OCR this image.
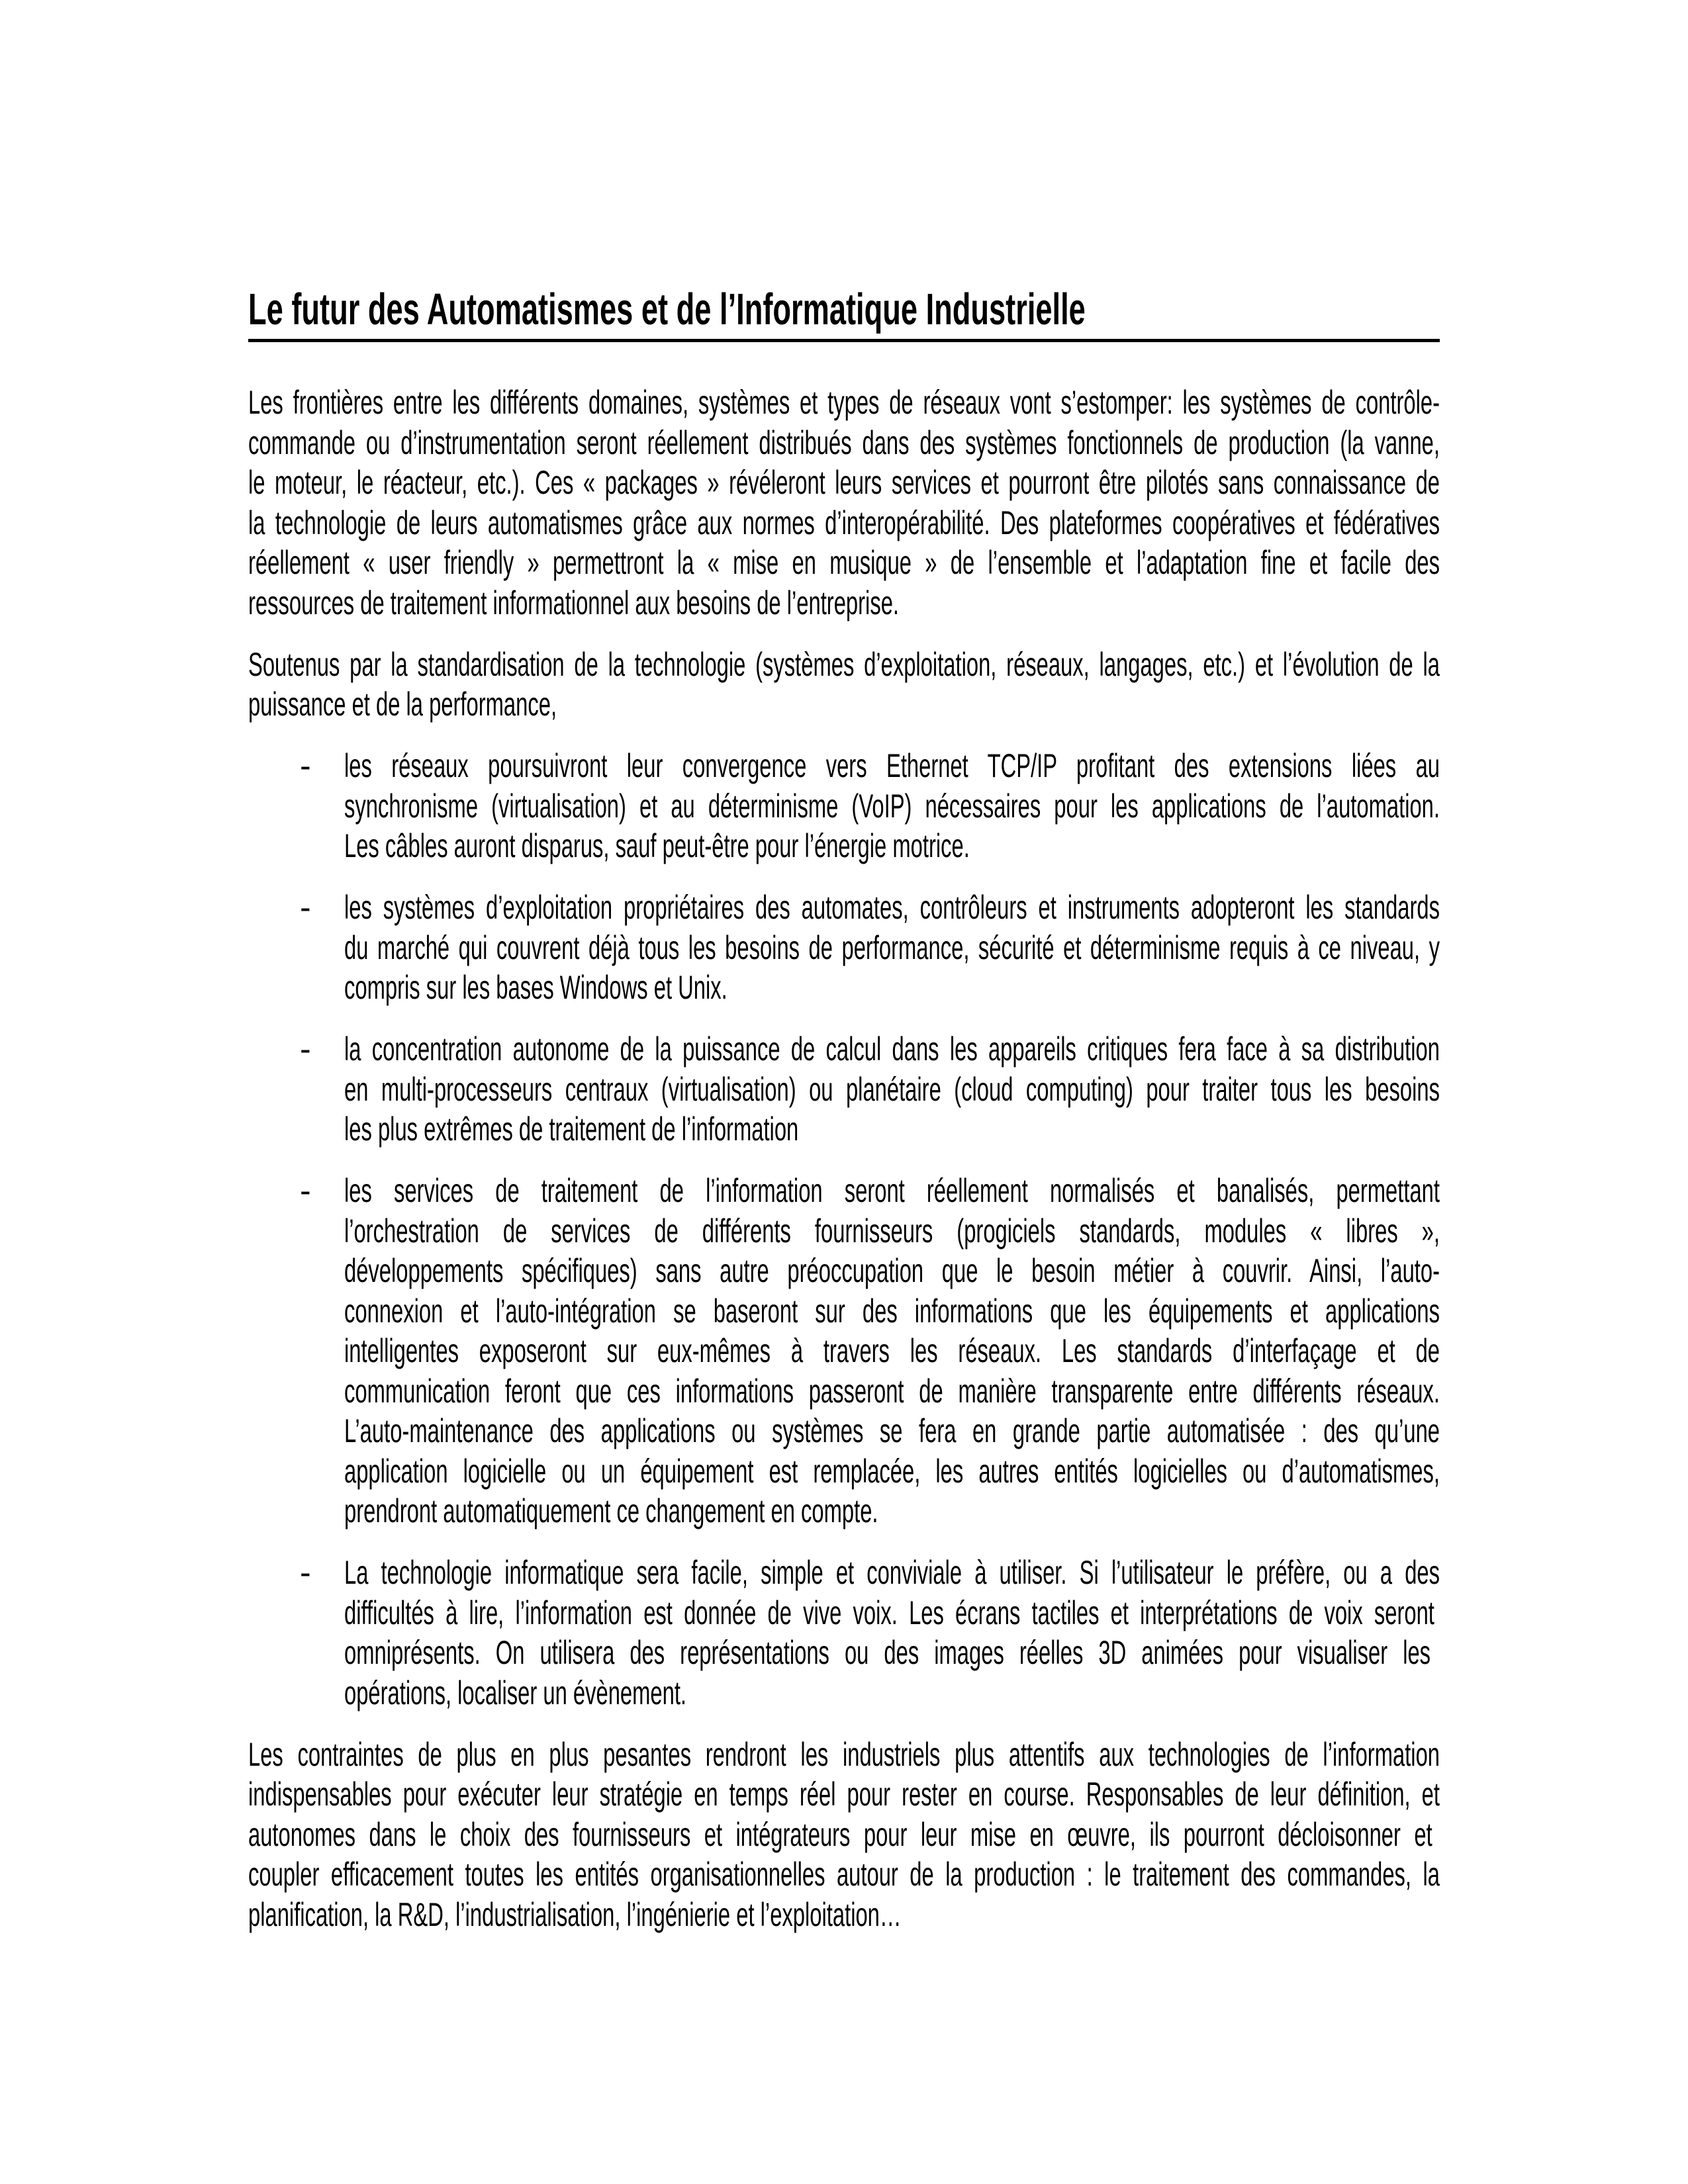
Le futur des Automatismes et de l’Informatique Industrielle
Les frontières entre les différents domaines, systèmes et types de réseaux vont s’estomper: les systèmes de contrôle-
commande ou d’instrumentation seront réellement distribués dans des systèmes fonctionnels de production (la vanne,
le moteur, le réacteur, etc.). Ces « packages » révéleront leurs services et pourront être pilotés sans connaissance de
la technologie de leurs automatismes grâce aux normes d’interopérabilité. Des plateformes coopératives et fédératives
réellement « user friendly » permettront la « mise en musique » de l’ensemble et l’adaptation fine et facile des
ressources de traitement informationnel aux besoins de l’entreprise.
Soutenus par la standardisation de la technologie (systèmes d’exploitation, réseaux, langages, etc.) et l’évolution de la
puissance et de la performance,
- les réseaux poursuivront leur convergence vers Ethernet TCP/IP profitant des extensions liées au
synchronisme (virtualisation) et au déterminisme (VoIP) nécessaires pour les applications de l’automation.
Les câbles auront disparus, sauf peut-être pour l’énergie motrice.
- les systèmes d’exploitation propriétaires des automates, contrôleurs et instruments adopteront les standards
du marché qui couvrent déjà tous les besoins de performance, sécurité et déterminisme requis à ce niveau, y
compris sur les bases Windows et Unix.
- la concentration autonome de la puissance de calcul dans les appareils critiques fera face à sa distribution
en multi-processeurs centraux (virtualisation) ou planétaire (cloud computing) pour traiter tous les besoins
les plus extrêmes de traitement de l’information
- les services de traitement de l’information seront réellement normalisés et banalisés, permettant
l’orchestration de services de différents fournisseurs (progiciels standards, modules « libres »,
développements spécifiques) sans autre préoccupation que le besoin métier à couvrir. Ainsi, l’auto-
connexion et l’auto-intégration se baseront sur des informations que les équipements et applications
intelligentes exposeront sur eux-mêmes à travers les réseaux. Les standards d’interfaçage et de
communication feront que ces informations passeront de manière transparente entre différents réseaux.
L’auto-maintenance des applications ou systèmes se fera en grande partie automatisée : des qu’une
application logicielle ou un équipement est remplacée, les autres entités logicielles ou d’automatismes,
prendront automatiquement ce changement en compte.
- La technologie informatique sera facile, simple et conviviale à utiliser. Si l’utilisateur le préfère, ou a des
difficultés à lire, l’information est donnée de vive voix. Les écrans tactiles et interprétations de voix seront
omniprésents. On utilisera des représentations ou des images réelles 3D animées pour visualiser les
opérations, localiser un évènement.
Les contraintes de plus en plus pesantes rendront les industriels plus attentifs aux technologies de l’information
indispensables pour exécuter leur stratégie en temps réel pour rester en course. Responsables de leur définition, et
autonomes dans le choix des fournisseurs et intégrateurs pour leur mise en œuvre, ils pourront décloisonner et
coupler efficacement toutes les entités organisationnelles autour de la production : le traitement des commandes, la
planification, la R&D, l’industrialisation, l’ingénierie et l’exploitation…
